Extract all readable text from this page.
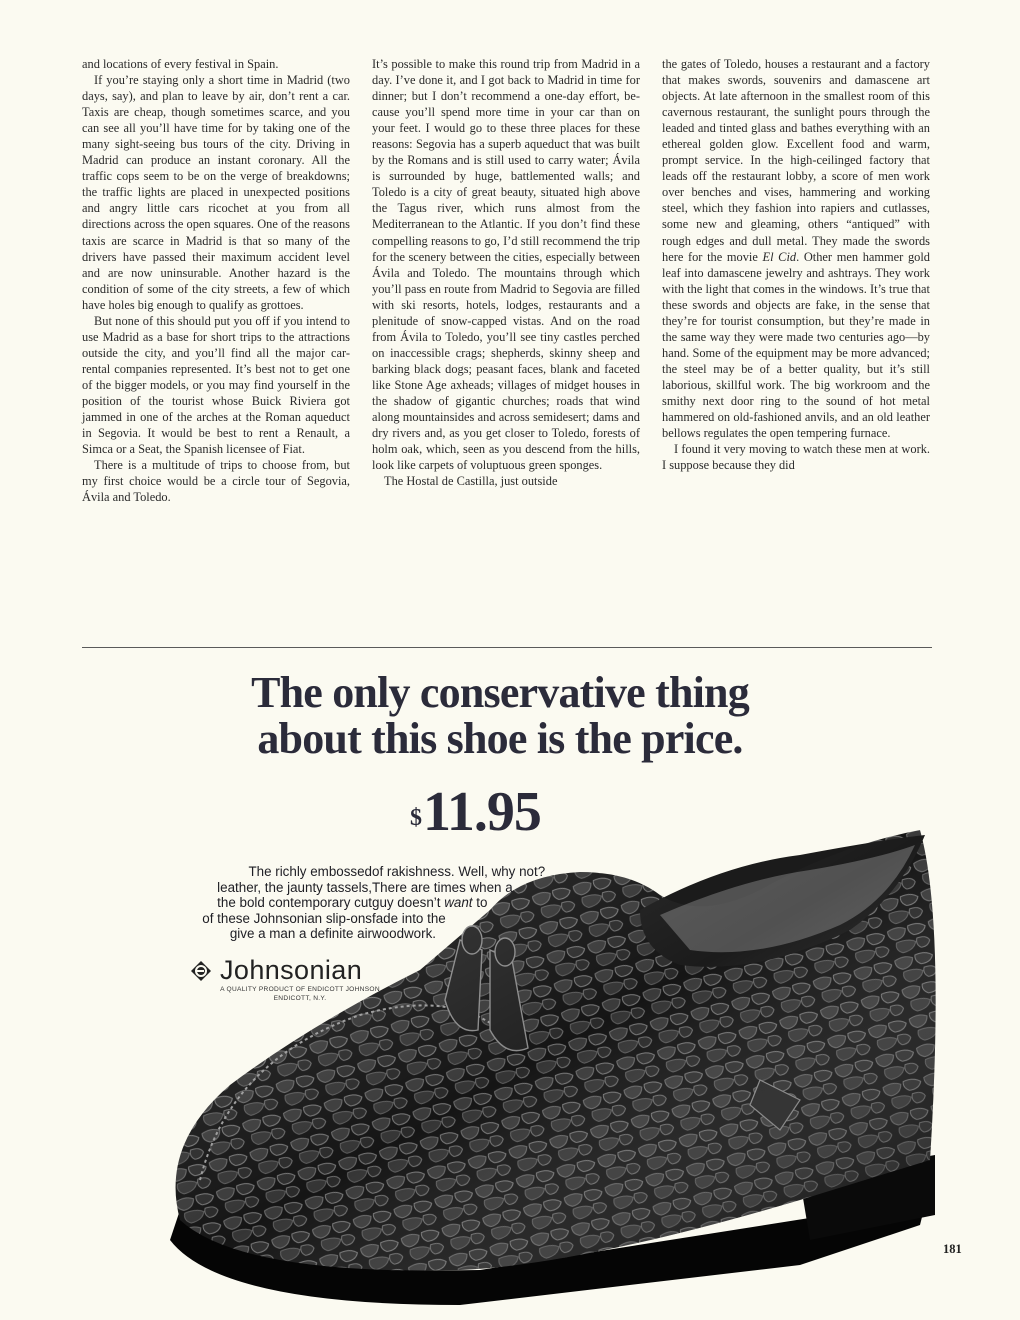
and locations of every festival in Spain.

If you’re staying only a short time in Madrid (two days, say), and plan to leave by air, don’t rent a car. Taxis are cheap, though sometimes scarce, and you can see all you’ll have time for by taking one of the many sight-seeing bus tours of the city. Driving in Madrid can produce an instant coronary. All the traffic cops seem to be on the verge of breakdowns; the traffic lights are placed in unexpected positions and angry little cars ricochet at you from all directions across the open squares. One of the reasons taxis are scarce in Madrid is that so many of the drivers have passed their maximum accident level and are now uninsurable. Another hazard is the condition of some of the city streets, a few of which have holes big enough to qualify as grottoes.

But none of this should put you off if you intend to use Madrid as a base for short trips to the attractions outside the city, and you’ll find all the major car-rental companies represented. It’s best not to get one of the bigger models, or you may find yourself in the position of the tourist whose Buick Riviera got jammed in one of the arches at the Roman aqueduct in Segovia. It would be best to rent a Renault, a Simca or a Seat, the Spanish licensee of Fiat.

There is a multitude of trips to choose from, but my first choice would be a circle tour of Segovia, Ávila and Toledo.

It’s possible to make this round trip from Madrid in a day. I’ve done it, and I got back to Madrid in time for dinner; but I don’t recommend a one-day effort, because you’ll spend more time in your car than on your feet. I would go to these three places for these reasons: Segovia has a superb aqueduct that was built by the Romans and is still used to carry water; Ávila is surrounded by huge, battlemented walls; and Toledo is a city of great beauty, situated high above the Tagus river, which runs almost from the Mediterranean to the Atlantic. If you don’t find these compelling reasons to go, I’d still recommend the trip for the scenery between the cities, especially between Ávila and Toledo. The mountains through which you’ll pass en route from Madrid to Segovia are filled with ski resorts, hotels, lodges, restaurants and a plenitude of snow-capped vistas. And on the road from Ávila to Toledo, you’ll see tiny castles perched on inaccessible crags; shepherds, skinny sheep and barking black dogs; peasant faces, blank and faceted like Stone Age axheads; villages of midget houses in the shadow of gigantic churches; roads that wind along mountainsides and across semidesert; dams and dry rivers and, as you get closer to Toledo, forests of holm oak, which, seen as you descend from the hills, look like carpets of voluptuous green sponges.

The Hostal de Castilla, just outside

the gates of Toledo, houses a restaurant and a factory that makes swords, souvenirs and damascene art objects. At late afternoon in the smallest room of this cavernous restaurant, the sunlight pours through the leaded and tinted glass and bathes everything with an ethereal golden glow. Excellent food and warm, prompt service. In the high-ceilinged factory that leads off the restaurant lobby, a score of men work over benches and vises, hammering and working steel, which they fashion into rapiers and cutlasses, some new and gleaming, others “antiqued” with rough edges and dull metal. They made the swords here for the movie El Cid. Other men hammer gold leaf into damascene jewelry and ashtrays. They work with the light that comes in the windows. It’s true that these swords and objects are fake, in the sense that they’re for tourist consumption, but they’re made in the same way they were made two centuries ago—by hand. Some of the equipment may be more advanced; the steel may be of a better quality, but it’s still laborious, skillful work. The big workroom and the smithy next door ring to the sound of hot metal hammered on old-fashioned anvils, and an old leather bellows regulates the open tempering furnace.

I found it very moving to watch these men at work. I suppose because they did

The only conservative thing
about this shoe is the price.
$11.95
The richly embossed
leather, the jaunty tassels,
the bold contemporary cut
of these Johnsonian slip-ons
give a man a definite air
of rakishness. Well, why not?
There are times when a
guy doesn’t want to
fade into the
woodwork.
Johnsonian
A QUALITY PRODUCT OF ENDICOTT JOHNSON
ENDICOTT, N.Y.
181
